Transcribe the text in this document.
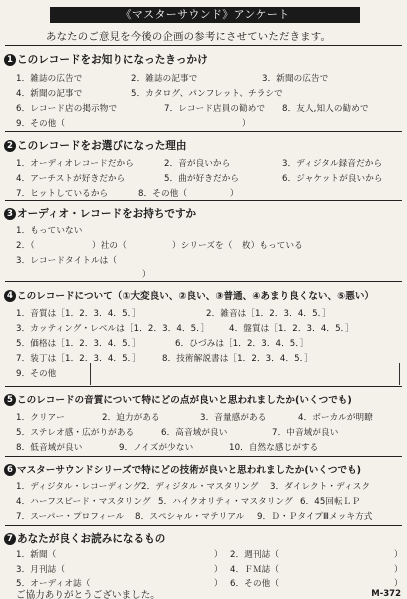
《マスターサウンド》アンケート
あなたのご意見を今後の企画の参考にさせていただきます。
1 このレコードをお知りになったきっかけ
1．雑誌の広告で	2．雑誌の記事で	3．新聞の広告で
4．新聞の記事で	5．カタログ、パンフレット、チラシで
6．レコード店の掲示物で	7．レコード店員の勧めで 8．友人,知人の勧めで
9．その他（	）
2 このレコードをお選びになった理由
1．オーディオレコードだから	2．音が良いから	3．ディジタル録音だから
4．アーチストが好きだから	5．曲が好きだから	6．ジャケットが良いから
7．ヒットしているから	8．その他（	）
3 オーディオ・レコードをお持ちですか
1．もっていない
2．（	）社の（	）シリーズを（ 枚）もっている
3．レコードタイトルは（
）
4 このレコードについて（①大変良い、②良い、③普通、④あまり良くない、⑤悪い）
1．音質は［1．2．3．4．5．］	2．雑音は［1．2．3．4．5．］
3．カッティング・レベルは［1．2．3．4．5．］ 4．盤質は［1．2．3．4．5．］
5．価格は［1．2．3．4．5．］	6．ひづみは［1．2．3．4．5．］
7．装丁は［1．2．3．4．5．］ 8．技術解説書は［1．2．3．4．5．］
9．その他
5 このレコードの音質について特にどの点が良いと思われましたか(いくつでも)
1．クリアー	2．迫力がある	3．音量感がある	4．ボーカルが明瞭
5．ステレオ感・広がりがある	6．高音域が良い	7．中音域が良い
8．低音域が良い	9．ノイズが少ない	10．自然な感じがする
6 マスターサウンドシリーズで特にどの技術が良いと思われましたか(いくつでも)
1．ディジタル・レコーディング 2．ディジタル・マスタリング 3．ダイレクト・ディスク
4．ハーフスピード・マスタリング 5．ハイクオリティ・マスタリング 6．45回転ＬＰ
7．スーパー・プロフィール 8．スペシャル・マテリアル 9．Ｄ・ＰタイプⅢメッキ方式
7 あなたが良くお読みになるもの
1．新聞（	） 2．週刊誌（	）
3．月刊誌（	） 4．ＦＭ誌（	）
5．オーディオ誌（	） 6．その他（	）
ご協力ありがとうございました。	M-372
